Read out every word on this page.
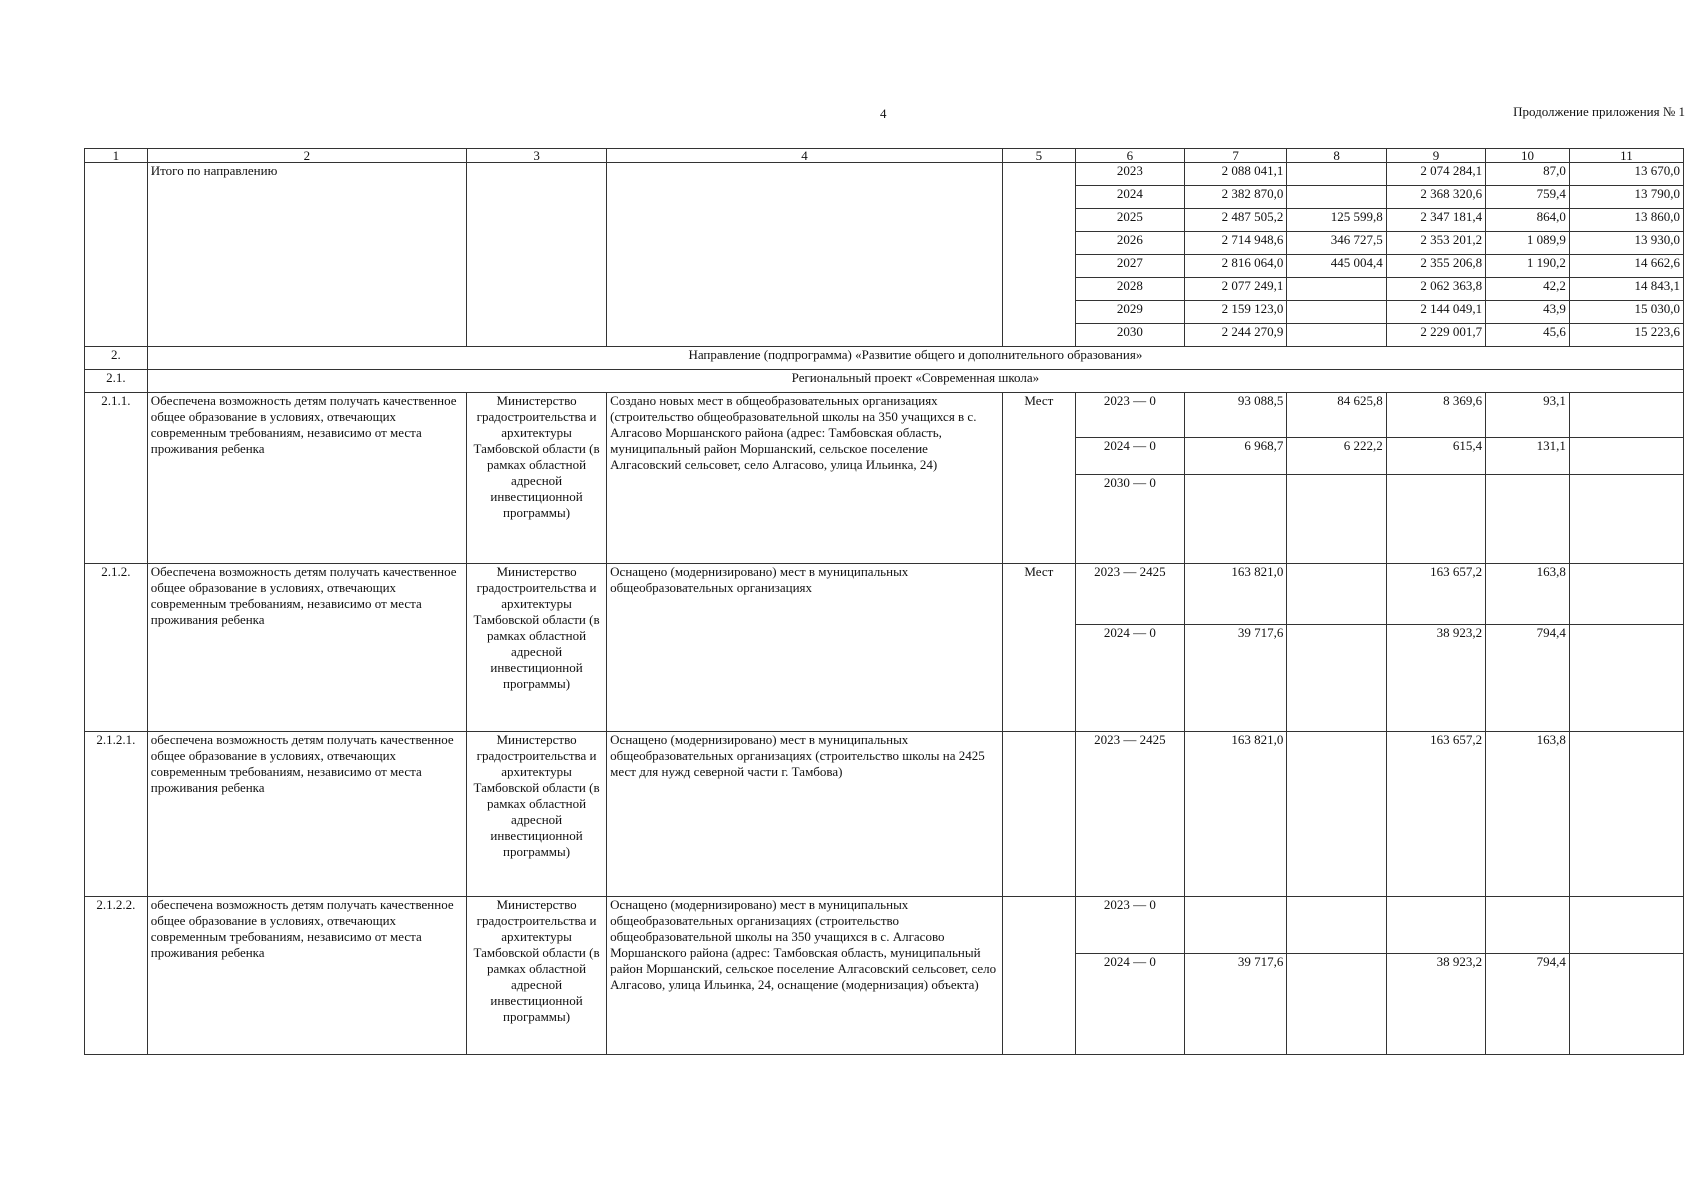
4	Продолжение приложения № 1
1	2	3	4	5	6	7	8	9	10	11
	Итого по направлению				2023	2 088 041,1		2 074 284,1	87,0	13 670,0
					2024	2 382 870,0		2 368 320,6	759,4	13 790,0
					2025	2 487 505,2	125 599,8	2 347 181,4	864,0	13 860,0
					2026	2 714 948,6	346 727,5	2 353 201,2	1 089,9	13 930,0
					2027	2 816 064,0	445 004,4	2 355 206,8	1 190,2	14 662,6
					2028	2 077 249,1		2 062 363,8	42,2	14 843,1
					2029	2 159 123,0		2 144 049,1	43,9	15 030,0
					2030	2 244 270,9		2 229 001,7	45,6	15 223,6
2.	Направление (подпрограмма) «Развитие общего и дополнительного образования»									
2.1.	Региональный проект «Современная школа»									
2.1.1.	Обеспечена возможность детям получать качественное общее образование в условиях, отвечающих современным требованиям, независимо от места проживания ребенка	Министерство градостроительства и архитектуры Тамбовской области (в рамках областной адресной инвестиционной программы)	Создано новых мест в общеобразовательных организациях (строительство общеобразовательной школы на 350 учащихся в с. Алгасово Моршанского района (адрес: Тамбовская область, муниципальный район Моршанский, сельское поселение Алгасовский сельсовет, село Алгасово, улица Ильинка, 24)	Мест	2023 — 0	93 088,5	84 625,8	8 369,6	93,1	
					2024 — 0	6 968,7	6 222,2	615,4	131,1	
					2030 — 0					
2.1.2.	Обеспечена возможность детям получать качественное общее образование в условиях, отвечающих современным требованиям, независимо от места проживания ребенка	Министерство градостроительства и архитектуры Тамбовской области (в рамках областной адресной инвестиционной программы)	Оснащено (модернизировано) мест в муниципальных общеобразовательных организациях	Мест	2023 — 2425	163 821,0		163 657,2	163,8	
					2024 — 0	39 717,6		38 923,2	794,4	
2.1.2.1.	обеспечена возможность детям получать качественное общее образование в условиях, отвечающих современным требованиям, независимо от места проживания ребенка	Министерство градостроительства и архитектуры Тамбовской области (в рамках областной адресной инвестиционной программы)	Оснащено (модернизировано) мест в муниципальных общеобразовательных организациях (строительство школы на 2425 мест для нужд северной части г. Тамбова)		2023 — 2425	163 821,0		163 657,2	163,8	
2.1.2.2.	обеспечена возможность детям получать качественное общее образование в условиях, отвечающих современным требованиям, независимо от места проживания ребенка	Министерство градостроительства и архитектуры Тамбовской области (в рамках областной адресной инвестиционной программы)	Оснащено (модернизировано) мест в муниципальных общеобразовательных организациях (строительство общеобразовательной школы на 350 учащихся в с. Алгасово Моршанского района (адрес: Тамбовская область, муниципальный район Моршанский, сельское поселение Алгасовский сельсовет, село Алгасово, улица Ильинка, 24, оснащение (модернизация) объекта)		2023 — 0					
					2024 — 0	39 717,6		38 923,2	794,4	
